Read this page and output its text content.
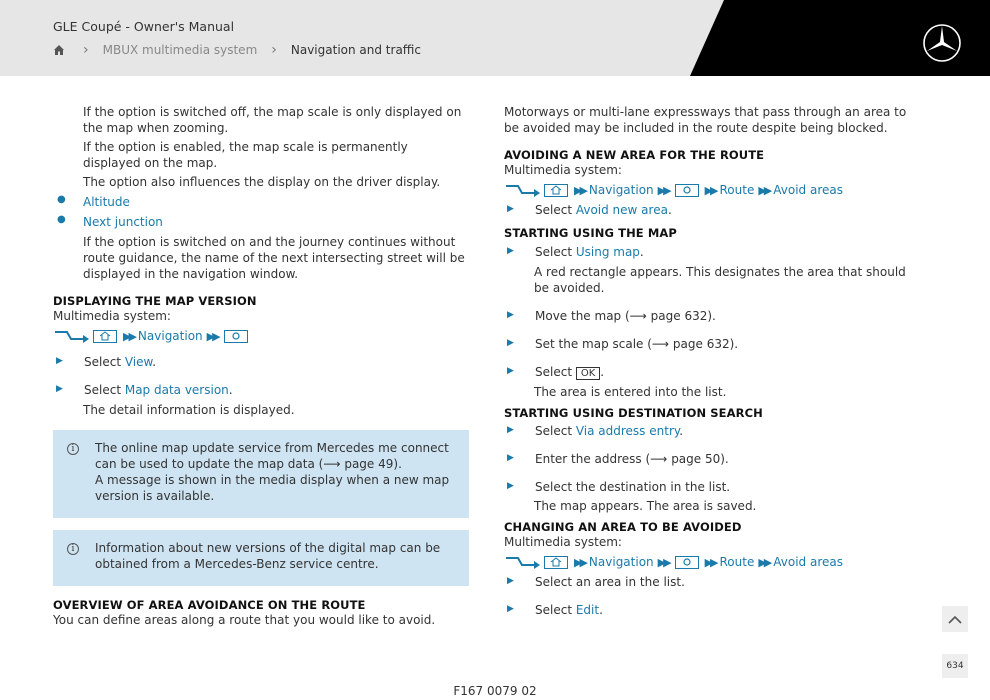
GLE Coupé - Owner's Manual
› MBUX multimedia system › Navigation and traffic

If the option is switched off, the map scale is only displayed on the map when zooming.

If the option is enabled, the map scale is permanently displayed on the map.

The option also influences the display on the driver display.

●	Altitude
●	Next junction

If the option is switched on and the journey continues without route guidance, the name of the next intersecting street will be displayed in the navigation window.

DISPLAYING THE MAP VERSION

Multimedia system:

▶▶ Navigation ▶▶
▶	Select View.
▶	Select Map data version.

The detail information is displayed.

i	The online map update service from Mercedes me connect can be used to update the map data (⟶ page 49).

A message is shown in the media display when a new map version is available.

i	Information about new versions of the digital map can be obtained from a Mercedes-Benz service centre.

OVERVIEW OF AREA AVOIDANCE ON THE ROUTE

You can define areas along a route that you would like to avoid.

Motorways or multi-lane expressways that pass through an area to be avoided may be included in the route despite being blocked.

AVOIDING A NEW AREA FOR THE ROUTE

Multimedia system:

▶▶ Navigation ▶▶	▶▶ Route ▶▶ Avoid areas
▶	Select Avoid new area.
STARTING USING THE MAP
▶	Select Using map.

A red rectangle appears. This designates the area that should be avoided.

▶	Move the map (⟶ page 632).
▶	Set the map scale (⟶ page 632).
▶	Select OK .

The area is entered into the list.

STARTING USING DESTINATION SEARCH
▶	Select Via address entry.
▶	Enter the address (⟶ page 50).
▶	Select the destination in the list.

The map appears. The area is saved.

CHANGING AN AREA TO BE AVOIDED

Multimedia system:

▶▶ Navigation ▶▶	▶▶ Route ▶▶ Avoid areas
▶	Select an area in the list.
▶	Select Edit.
634
F167 0079 02
